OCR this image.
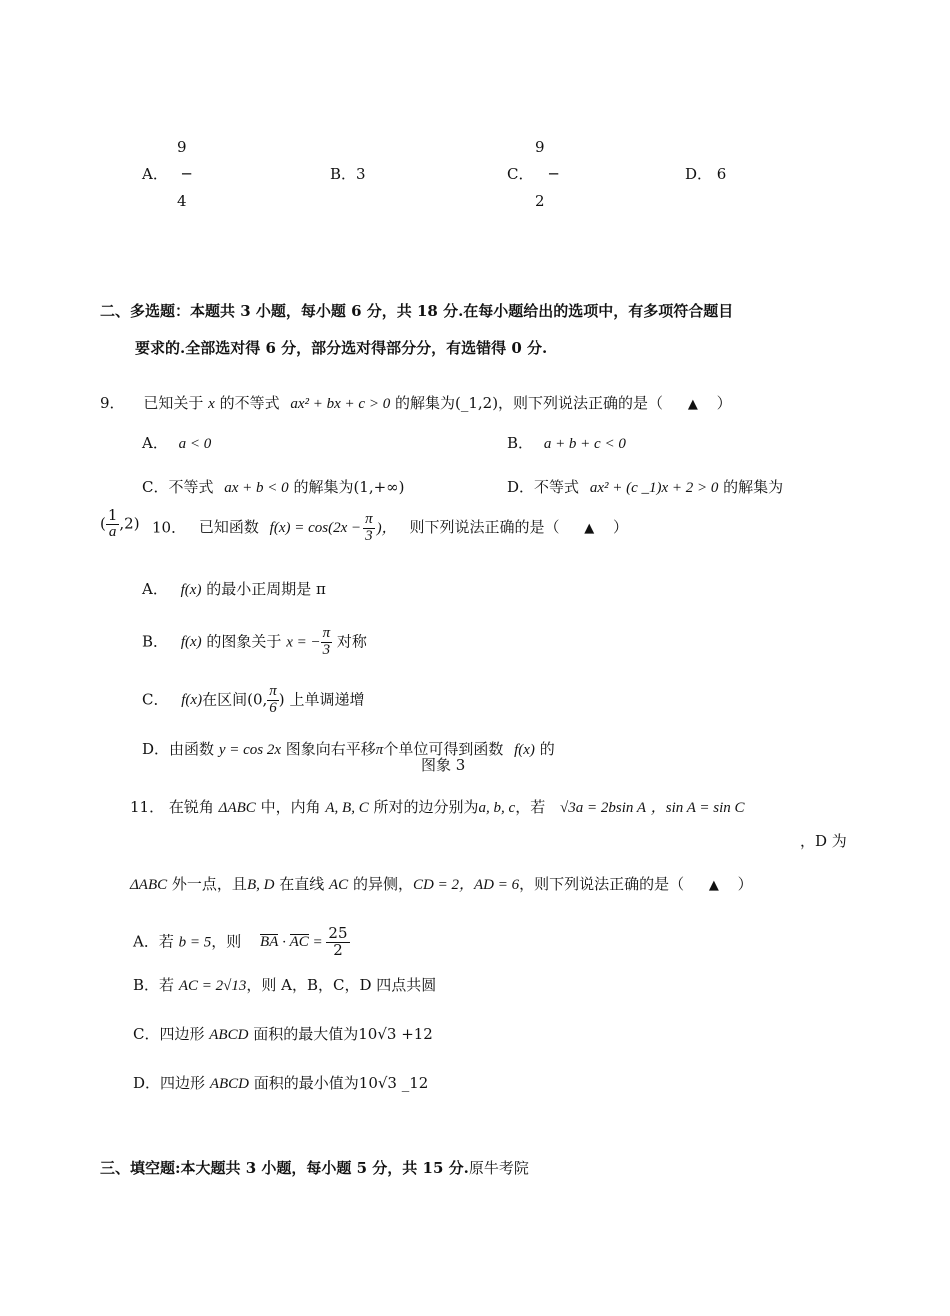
A．
9
─
4
B．3	C．
9
─
2
D． 6
二、多选题：本题共 3 小题，每小题 6 分，共 18 分.在每小题给出的选项中，有多项符合题目
要求的.全部选对得 6 分，部分选对得部分分，有选错得 0 分.
9． 已知关于 x 的不等式 ax² + bx + c > 0 的解集为(_1,2)，则下列说法正确的是（ ▲ ）
A． a < 0	B． a + b + c < 0
C．不等式 ax + b < 0 的解集为(1,+∞)	D．不等式 ax² + (c _1)x + 2 > 0 的解集为
( $\frac{1}{a} ,2$) 10． 已知函数 $f(x) = \cos(2x - \frac{\pi}{3}$ )， 则下列说法正确的是（ ▲ ）
A． f(x) 的最小正周期是 π
B． f(x) 的图象关于 x = − $\frac{\pi}{3}$ 对称
C． f(x)在区间(0, $\frac{\pi}{6}$ ) 上单调递增
D．由函数 y = cos 2x 图象向右平移π个单位可得到函数 f(x) 的
图象 3
11． 在锐角 ΔABC 中，内角 A, B, C 所对的边分别为a, b, c，若 √3a = 2bsin A ，sin A = sin C
，D 为
ΔABC 外一点，且B, D 在直线 AC 的异侧，CD = 2，AD = 6，则下列说法正确的是（ ▲ ）
A．若 b = 5，则 BA · AC = $\frac{25}{2}$
B．若 AC = 2√13，则 A，B，C，D 四点共圆
C．四边形 ABCD 面积的最大值为10√3 +12
D．四边形 ABCD 面积的最小值为10√3 _12
三、填空题:本大题共 3 小题，每小题 5 分，共 15 分.原牛考院
